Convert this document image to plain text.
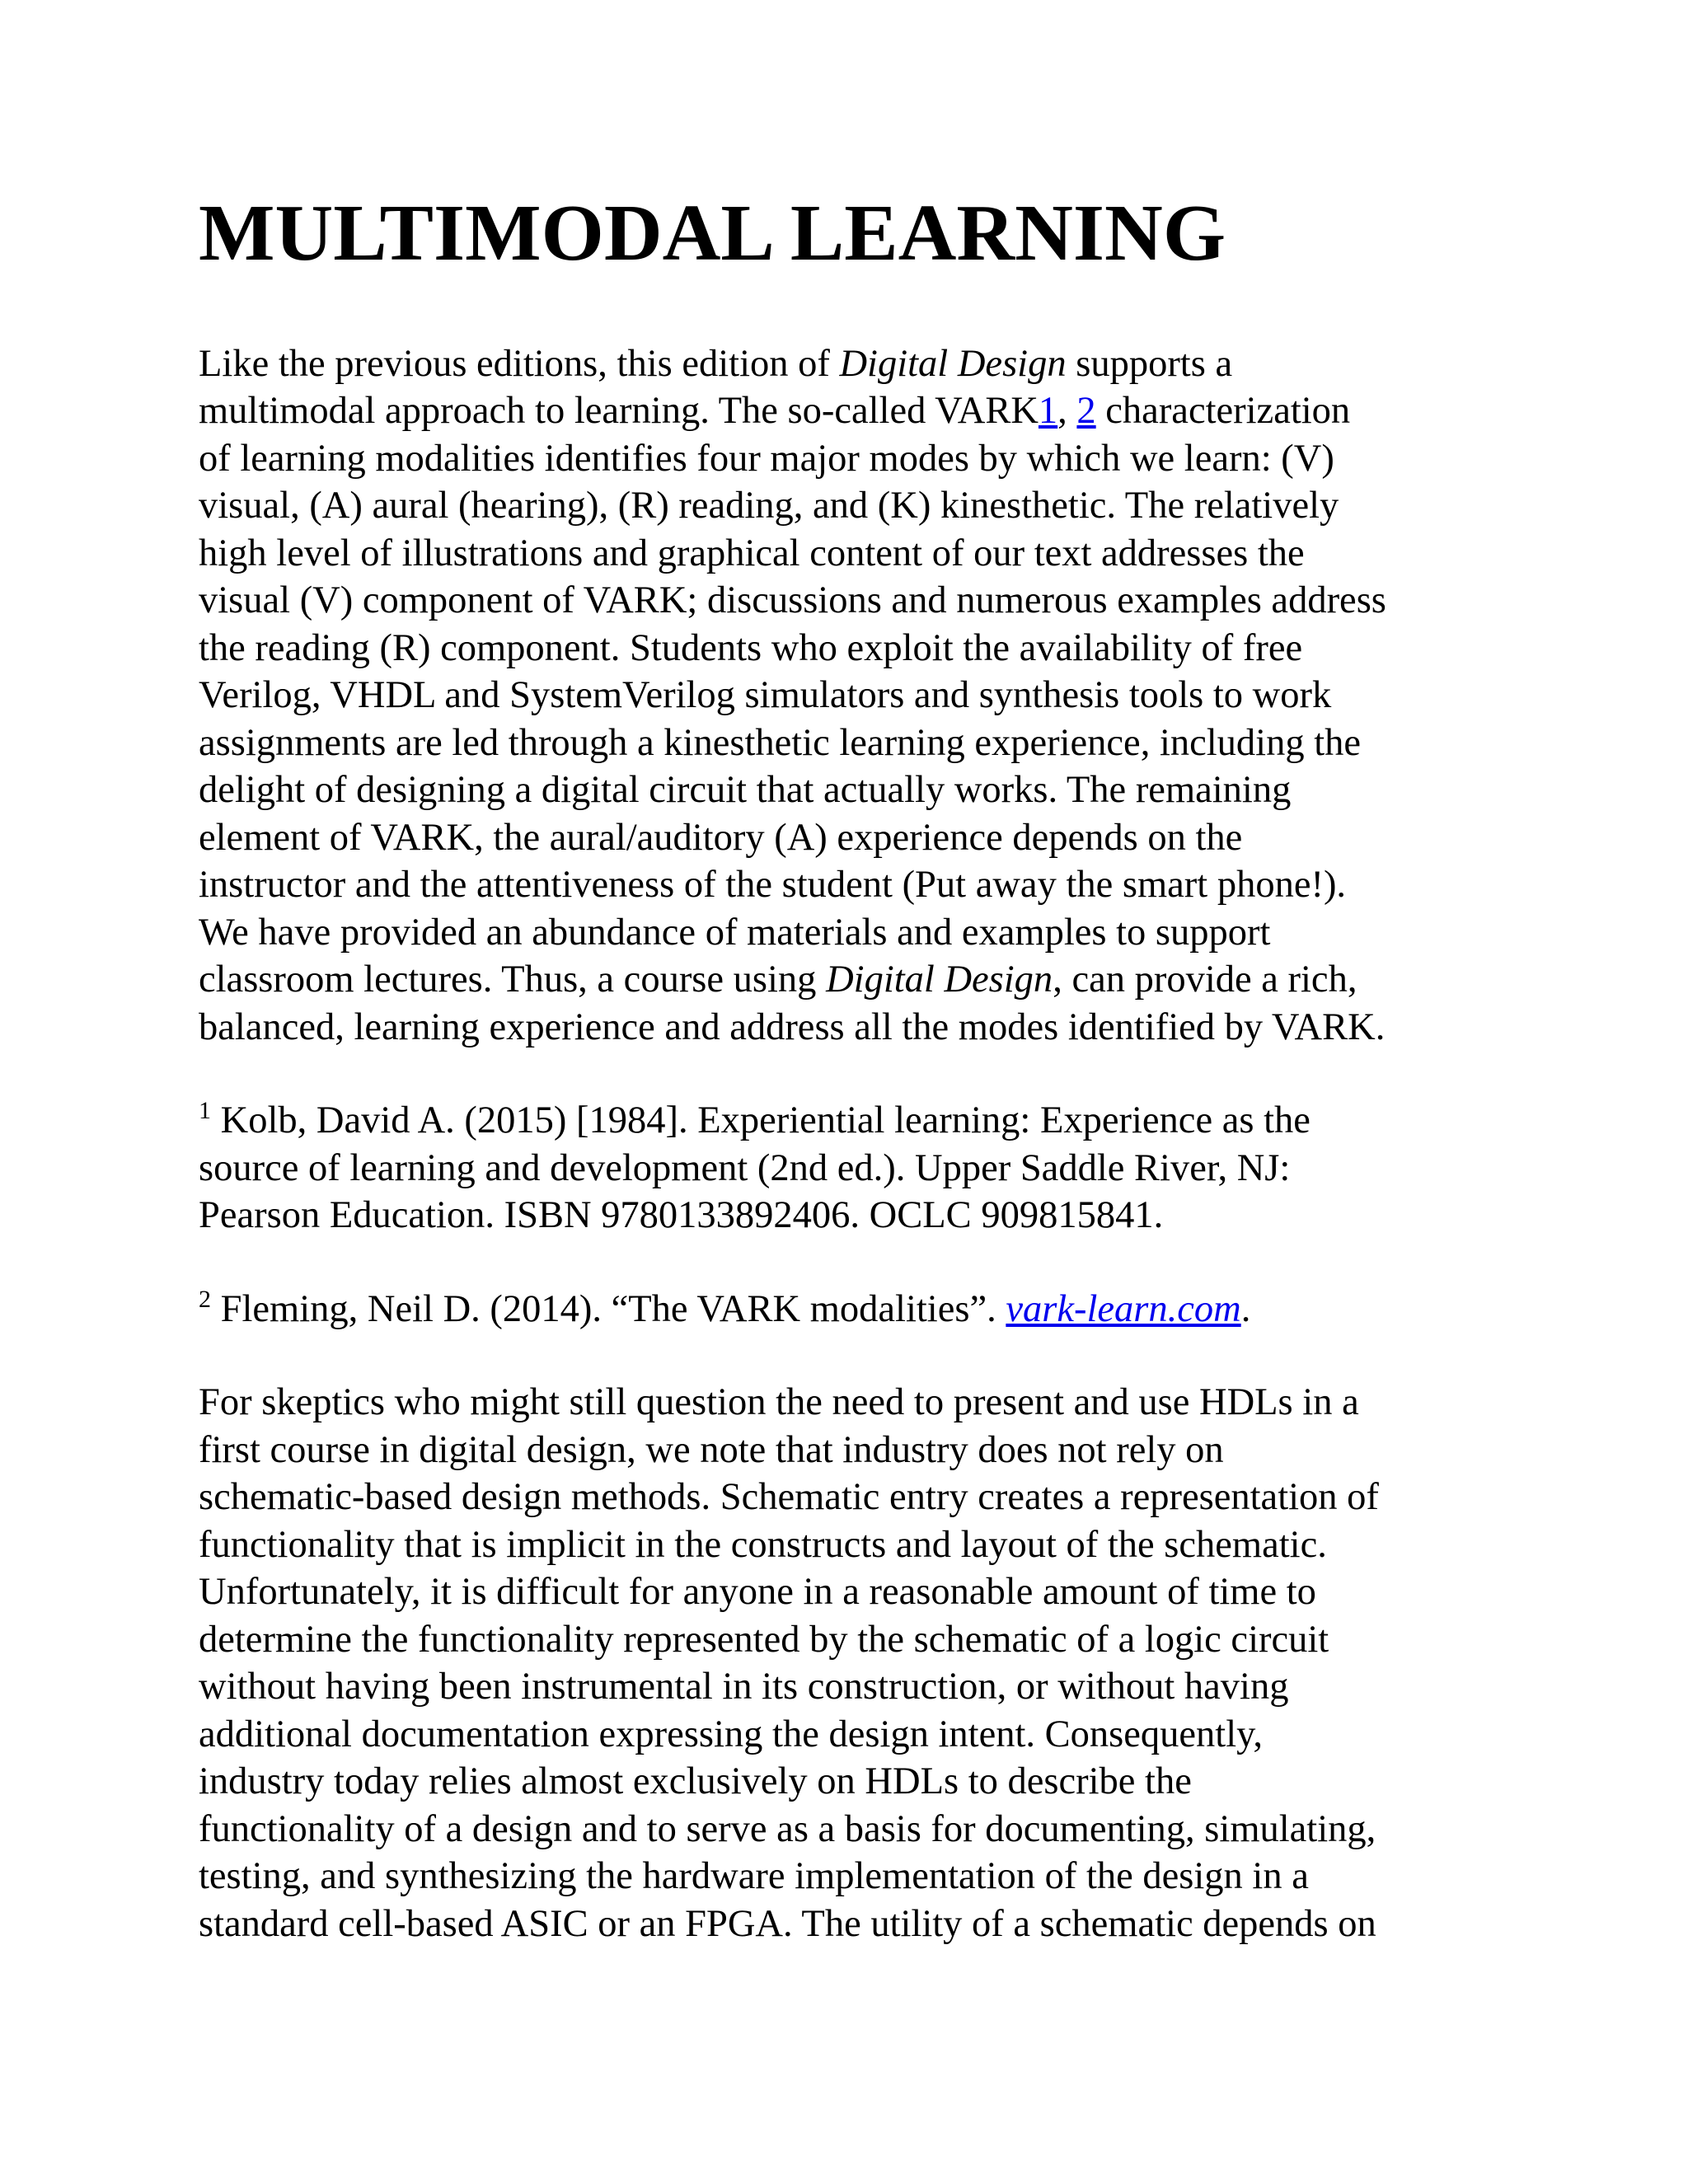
MULTIMODAL LEARNING

Like the previous editions, this edition of Digital Design supports a
multimodal approach to learning. The so-called VARK1, 2 characterization
of learning modalities identifies four major modes by which we learn: (V)
visual, (A) aural (hearing), (R) reading, and (K) kinesthetic. The relatively
high level of illustrations and graphical content of our text addresses the
visual (V) component of VARK; discussions and numerous examples address
the reading (R) component. Students who exploit the availability of free
Verilog, VHDL and SystemVerilog simulators and synthesis tools to work
assignments are led through a kinesthetic learning experience, including the
delight of designing a digital circuit that actually works. The remaining
element of VARK, the aural/auditory (A) experience depends on the
instructor and the attentiveness of the student (Put away the smart phone!).
We have provided an abundance of materials and examples to support
classroom lectures. Thus, a course using Digital Design, can provide a rich,
balanced, learning experience and address all the modes identified by VARK.

$^1$ Kolb, David A. (2015) [1984]. Experiential learning: Experience as the
source of learning and development (2nd ed.). Upper Saddle River, NJ:
Pearson Education. ISBN 9780133892406. OCLC 909815841.

$^2$ Fleming, Neil D. (2014). “The VARK modalities”. vark-learn.com.

For skeptics who might still question the need to present and use HDLs in a
first course in digital design, we note that industry does not rely on
schematic-based design methods. Schematic entry creates a representation of
functionality that is implicit in the constructs and layout of the schematic.
Unfortunately, it is difficult for anyone in a reasonable amount of time to
determine the functionality represented by the schematic of a logic circuit
without having been instrumental in its construction, or without having
additional documentation expressing the design intent. Consequently,
industry today relies almost exclusively on HDLs to describe the
functionality of a design and to serve as a basis for documenting, simulating,
testing, and synthesizing the hardware implementation of the design in a
standard cell-based ASIC or an FPGA. The utility of a schematic depends on
